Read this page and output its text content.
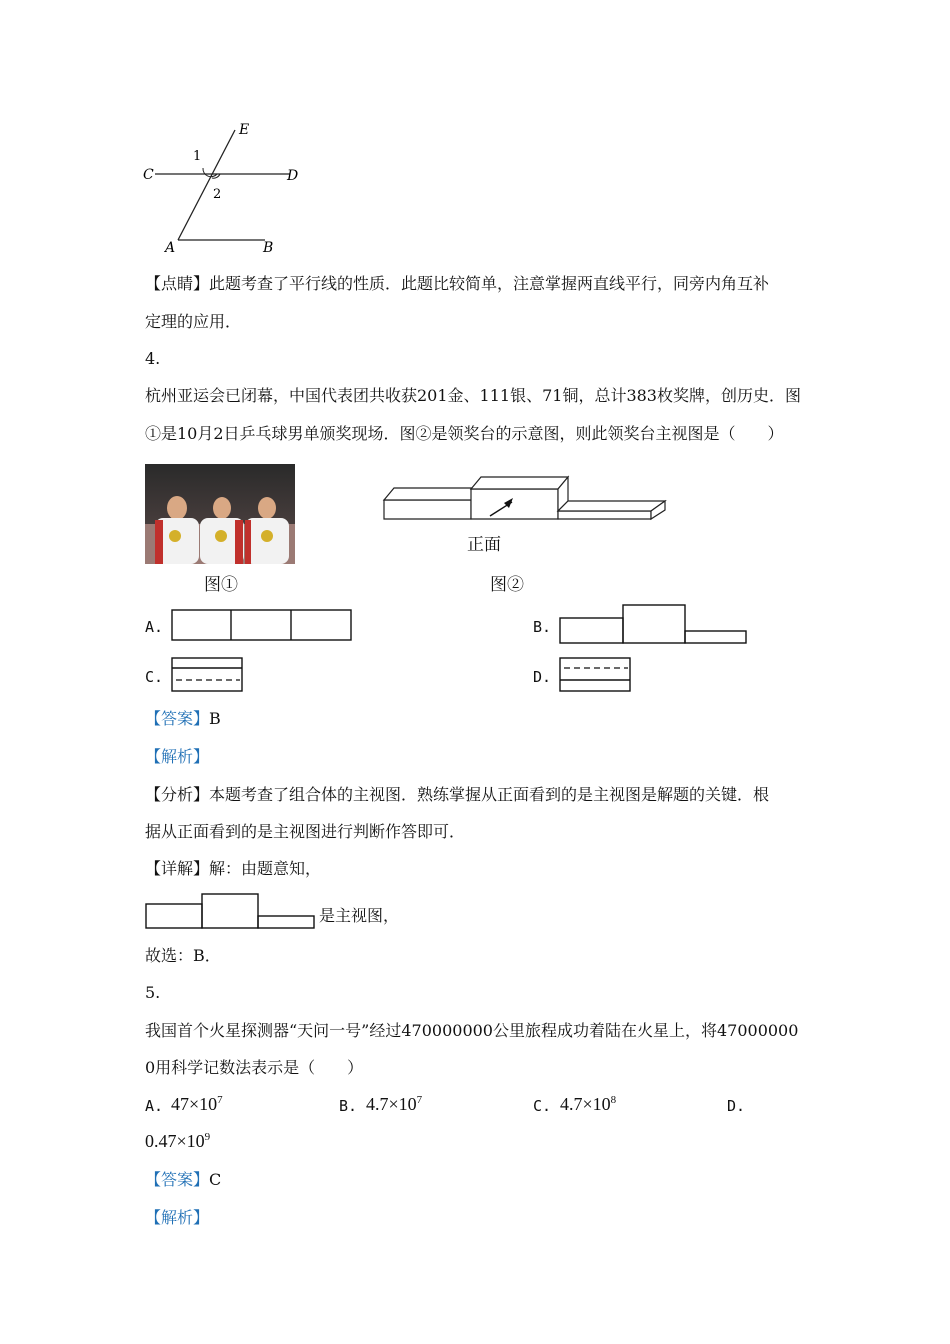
E
C	D
A	B
1
2
【点睛】此题考查了平行线的性质．此题比较简单，注意掌握两直线平行，同旁内角互补
定理的应用．
4.
杭州亚运会已闭幕，中国代表团共收获201金、111银、71铜，总计383枚奖牌，创历史．图
①是10月2日乒乓球男单颁奖现场．图②是领奖台的示意图，则此领奖台主视图是（　　）
图①
正面
图②
A.	B.
C.	D.
【答案】B
【解析】
【分析】本题考查了组合体的主视图．熟练掌握从正面看到的是主视图是解题的关键．根
据从正面看到的是主视图进行判断作答即可．
【详解】解：由题意知，
是主视图，
故选：B．
5.
我国首个火星探测器“天问一号”经过470000000公里旅程成功着陆在火星上，将47000000
0用科学记数法表示是（　　）
A. $47\times 10^7$	B. $4.7\times 10^7$	C. $4.7\times 10^8$	D.
$0.47\times 10^9$
【答案】C
【解析】
